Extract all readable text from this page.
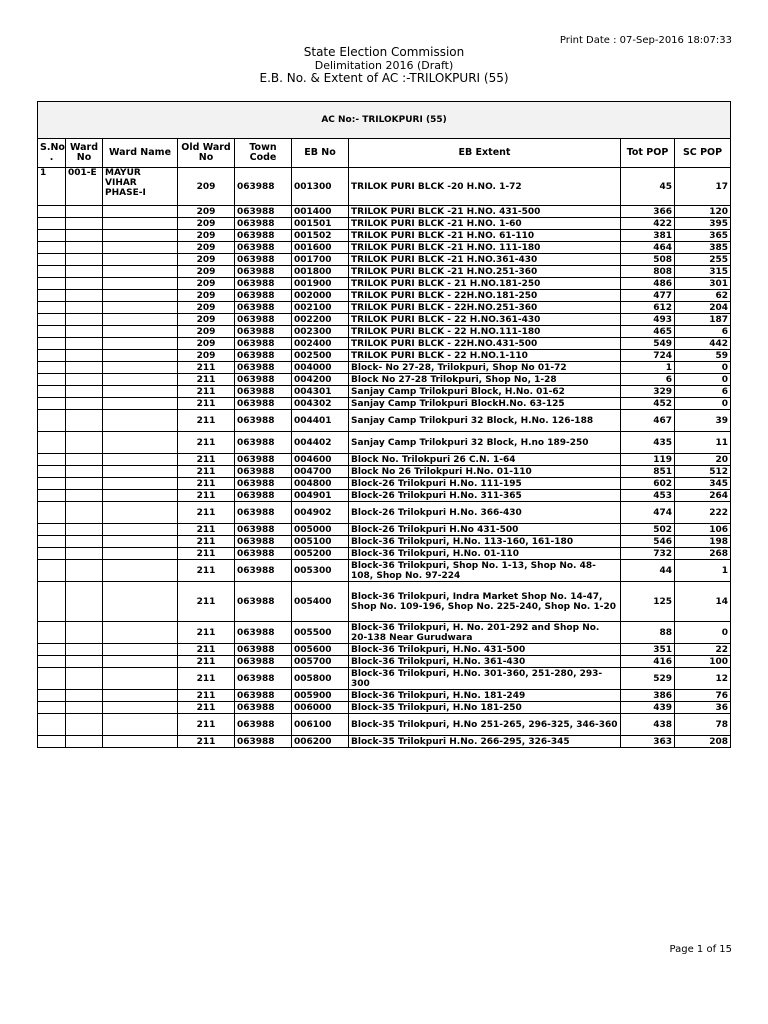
Print Date : 07-Sep-2016 18:07:33
State Election Commission
Delimitation 2016 (Draft)
E.B. No. & Extent of AC :-TRILOKPURI (55)
AC No:- TRILOKPURI (55)								
S.No .	Ward No	Ward Name	Old Ward No	Town Code	EB No	EB Extent	Tot POP	SC POP
1	001-E	MAYUR VIHAR PHASE-I	209	063988	001300	TRILOK PURI BLCK -20 H.NO. 1-72	45	17
			209	063988	001400	TRILOK PURI BLCK -21 H.NO. 431-500	366	120
			209	063988	001501	TRILOK PURI BLCK -21 H.NO. 1-60	422	395
			209	063988	001502	TRILOK PURI BLCK -21 H.NO. 61-110	381	365
			209	063988	001600	TRILOK PURI BLCK -21 H.NO. 111-180	464	385
			209	063988	001700	TRILOK PURI BLCK -21 H.NO.361-430	508	255
			209	063988	001800	TRILOK PURI BLCK -21 H.NO.251-360	808	315
			209	063988	001900	TRILOK PURI BLCK - 21 H.NO.181-250	486	301
			209	063988	002000	TRILOK PURI BLCK - 22H.NO.181-250	477	62
			209	063988	002100	TRILOK PURI BLCK - 22H.NO.251-360	612	204
			209	063988	002200	TRILOK PURI BLCK - 22 H.NO.361-430	493	187
			209	063988	002300	TRILOK PURI BLCK - 22 H.NO.111-180	465	6
			209	063988	002400	TRILOK PURI BLCK - 22H.NO.431-500	549	442
			209	063988	002500	TRILOK PURI BLCK - 22 H.NO.1-110	724	59
			211	063988	004000	Block- No 27-28, Trilokpuri, Shop No 01-72	1	0
			211	063988	004200	Block No 27-28 Trilokpuri, Shop No, 1-28	6	0
			211	063988	004301	Sanjay Camp Trilokpuri Block, H.No. 01-62	329	6
			211	063988	004302	Sanjay Camp Trilokpuri BlockH.No. 63-125	452	0
			211	063988	004401	Sanjay Camp Trilokpuri 32 Block, H.No. 126-188	467	39
			211	063988	004402	Sanjay Camp Trilokpuri 32 Block, H.no 189-250	435	11
			211	063988	004600	Block No. Trilokpuri 26 C.N. 1-64	119	20
			211	063988	004700	Block No 26 Trilokpuri H.No. 01-110	851	512
			211	063988	004800	Block-26 Trilokpuri H.No. 111-195	602	345
			211	063988	004901	Block-26 Trilokpuri H.No. 311-365	453	264
			211	063988	004902	Block-26 Trilokpuri H.No. 366-430	474	222
			211	063988	005000	Block-26 Trilokpuri H.No 431-500	502	106
			211	063988	005100	Block-36 Trilokpuri, H.No. 113-160, 161-180	546	198
			211	063988	005200	Block-36 Trilokpuri, H.No. 01-110	732	268
			211	063988	005300	Block-36 Trilokpuri, Shop No. 1-13, Shop No. 48-108, Shop No. 97-224	44	1
			211	063988	005400	Block-36 Trilokpuri, Indra Market Shop No. 14-47, Shop No. 109-196, Shop No. 225-240, Shop No. 1-20	125	14
			211	063988	005500	Block-36 Trilokpuri, H. No. 201-292 and Shop No. 20-138 Near Gurudwara	88	0
			211	063988	005600	Block-36 Trilokpuri, H.No. 431-500	351	22
			211	063988	005700	Block-36 Trilokpuri, H.No. 361-430	416	100
			211	063988	005800	Block-36 Trilokpuri, H.No. 301-360, 251-280, 293-300	529	12
			211	063988	005900	Block-36 Trilokpuri, H.No. 181-249	386	76
			211	063988	006000	Block-35 Trilokpuri, H.No 181-250	439	36
			211	063988	006100	Block-35 Trilokpuri, H.No 251-265, 296-325, 346-360	438	78
			211	063988	006200	Block-35 Trilokpuri H.No. 266-295, 326-345	363	208
Page 1 of 15
